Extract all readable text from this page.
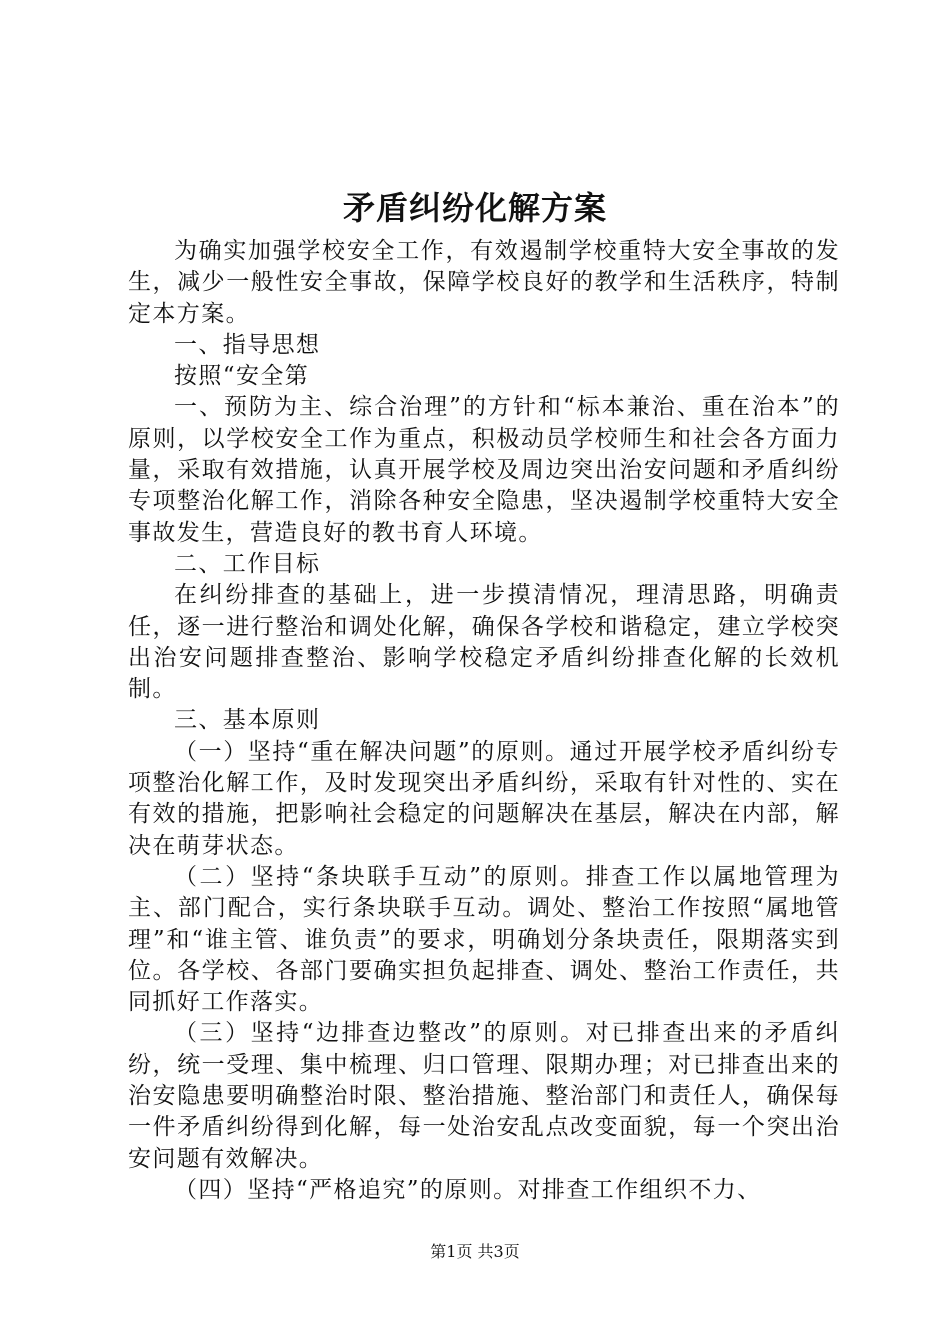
矛盾纠纷化解方案

为确实加强学校安全工作，有效遏制学校重特大安全事故的发生，减少一般性安全事故，保障学校良好的教学和生活秩序，特制定本方案。

一、指导思想

按照“安全第

一、预防为主、综合治理”的方针和“标本兼治、重在治本”的原则，以学校安全工作为重点，积极动员学校师生和社会各方面力量，采取有效措施，认真开展学校及周边突出治安问题和矛盾纠纷专项整治化解工作，消除各种安全隐患，坚决遏制学校重特大安全事故发生，营造良好的教书育人环境。

二、工作目标

在纠纷排查的基础上，进一步摸清情况，理清思路，明确责任，逐一进行整治和调处化解，确保各学校和谐稳定，建立学校突出治安问题排查整治、影响学校稳定矛盾纠纷排查化解的长效机制。

三、基本原则

（一）坚持“重在解决问题”的原则。通过开展学校矛盾纠纷专项整治化解工作，及时发现突出矛盾纠纷，采取有针对性的、实在有效的措施，把影响社会稳定的问题解决在基层，解决在内部，解决在萌芽状态。

（二）坚持“条块联手互动”的原则。排查工作以属地管理为主、部门配合，实行条块联手互动。调处、整治工作按照“属地管理”和“谁主管、谁负责”的要求，明确划分条块责任，限期落实到位。各学校、各部门要确实担负起排查、调处、整治工作责任，共同抓好工作落实。

（三）坚持“边排查边整改”的原则。对已排查出来的矛盾纠纷，统一受理、集中梳理、归口管理、限期办理；对已排查出来的治安隐患要明确整治时限、整治措施、整治部门和责任人，确保每一件矛盾纠纷得到化解，每一处治安乱点改变面貌，每一个突出治安问题有效解决。

（四）坚持“严格追究”的原则。对排查工作组织不力、

第1页 共3页
